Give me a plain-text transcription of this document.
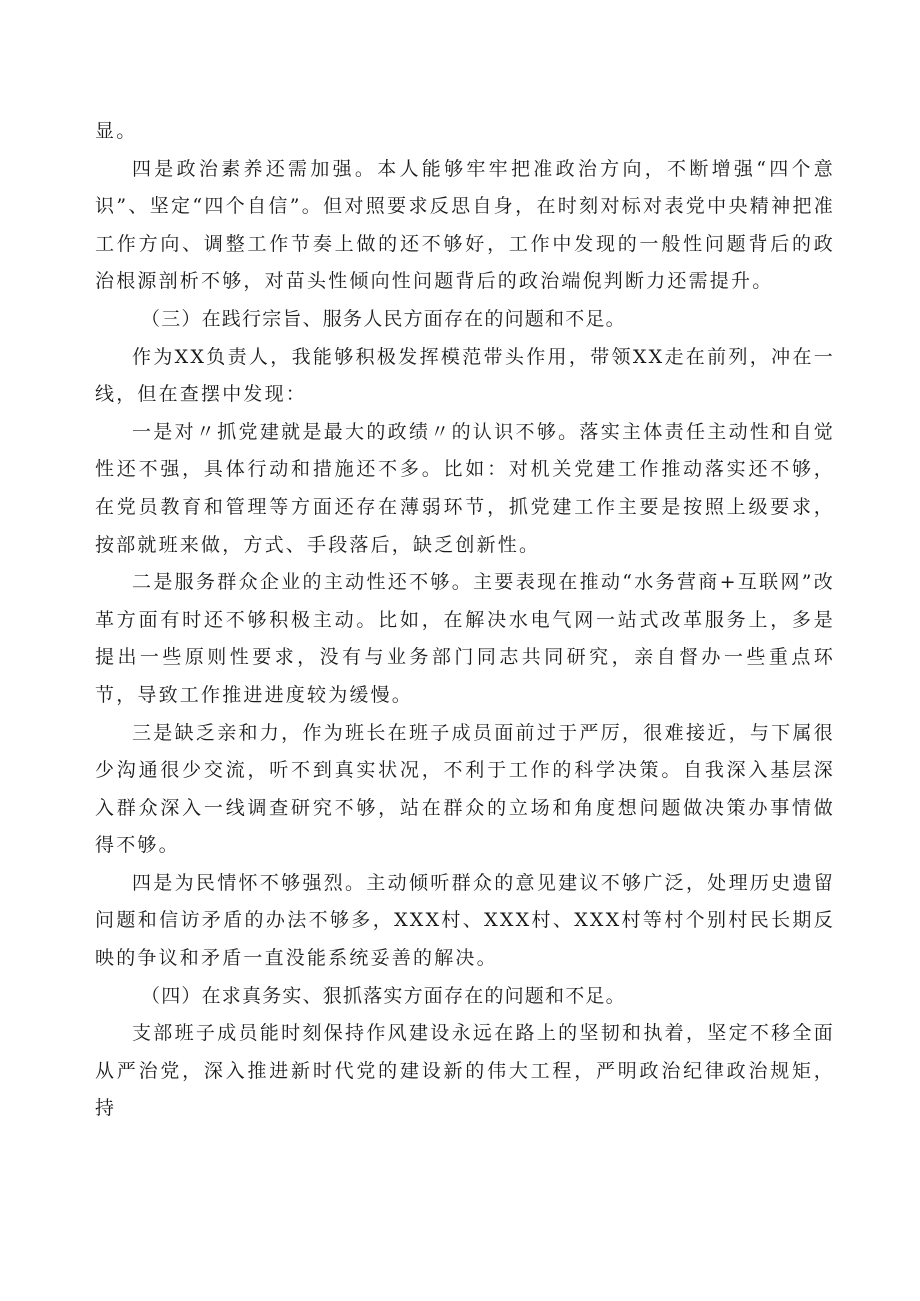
显。

四是政治素养还需加强。本人能够牢牢把准政治方向，不断增强“四个意识”、坚定“四个自信”。但对照要求反思自身，在时刻对标对表党中央精神把准工作方向、调整工作节奏上做的还不够好，工作中发现的一般性问题背后的政治根源剖析不够，对苗头性倾向性问题背后的政治端倪判断力还需提升。

（三）在践行宗旨、服务人民方面存在的问题和不足。

作为XX负责人，我能够积极发挥模范带头作用，带领XX走在前列，冲在一线，但在查摆中发现：

一是对〃抓党建就是最大的政绩〃的认识不够。落实主体责任主动性和自觉性还不强，具体行动和措施还不多。比如：对机关党建工作推动落实还不够，在党员教育和管理等方面还存在薄弱环节，抓党建工作主要是按照上级要求，按部就班来做，方式、手段落后，缺乏创新性。

二是服务群众企业的主动性还不够。主要表现在推动“水务营商+互联网”改革方面有时还不够积极主动。比如，在解决水电气网一站式改革服务上，多是提出一些原则性要求，没有与业务部门同志共同研究，亲自督办一些重点环节，导致工作推进进度较为缓慢。

三是缺乏亲和力，作为班长在班子成员面前过于严厉，很难接近，与下属很少沟通很少交流，听不到真实状况，不利于工作的科学决策。自我深入基层深入群众深入一线调查研究不够，站在群众的立场和角度想问题做决策办事情做得不够。

四是为民情怀不够强烈。主动倾听群众的意见建议不够广泛，处理历史遗留问题和信访矛盾的办法不够多，XXX村、XXX村、XXX村等村个别村民长期反映的争议和矛盾一直没能系统妥善的解决。

（四）在求真务实、狠抓落实方面存在的问题和不足。

支部班子成员能时刻保持作风建设永远在路上的坚韧和执着，坚定不移全面从严治党，深入推进新时代党的建设新的伟大工程，严明政治纪律政治规矩，持
